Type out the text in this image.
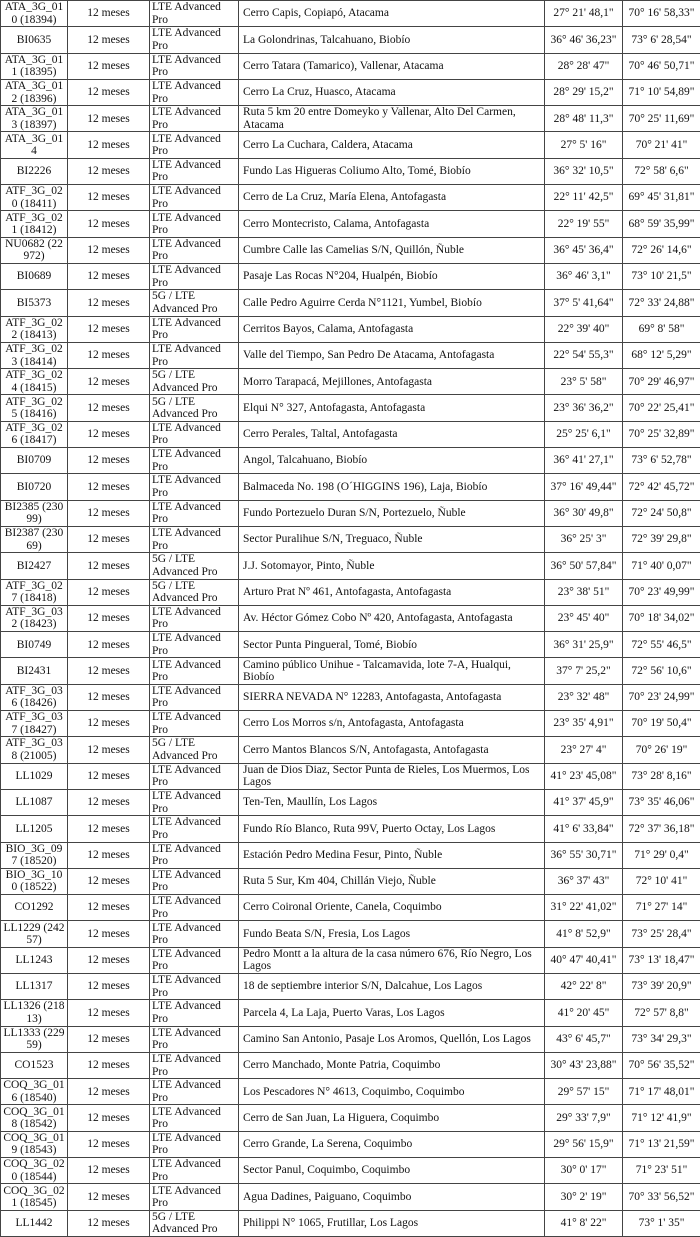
ATA_3G_010 (18394)	12 meses	LTE Advanced Pro	Cerro Capis, Copiapó, Atacama	27° 21' 48,1"	70° 16' 58,33"
BI0635	12 meses	LTE Advanced Pro	La Golondrinas, Talcahuano, Biobío	36° 46' 36,23"	73° 6' 28,54"
ATA_3G_011 (18395)	12 meses	LTE Advanced Pro	Cerro Tatara (Tamarico), Vallenar, Atacama	28° 28' 47"	70° 46' 50,71"
ATA_3G_012 (18396)	12 meses	LTE Advanced Pro	Cerro La Cruz, Huasco, Atacama	28° 29' 15,2"	71° 10' 54,89"
ATA_3G_013 (18397)	12 meses	LTE Advanced Pro	Ruta 5 km 20 entre Domeyko y Vallenar, Alto Del Carmen, Atacama	28° 48' 11,3"	70° 25' 11,69"
ATA_3G_014	12 meses	LTE Advanced Pro	Cerro La Cuchara, Caldera, Atacama	27° 5' 16"	70° 21' 41"
BI2226	12 meses	LTE Advanced Pro	Fundo Las Higueras Coliumo Alto, Tomé, Biobío	36° 32' 10,5"	72° 58' 6,6"
ATF_3G_020 (18411)	12 meses	LTE Advanced Pro	Cerro de La Cruz, María Elena, Antofagasta	22° 11' 42,5"	69° 45' 31,81"
ATF_3G_021 (18412)	12 meses	LTE Advanced Pro	Cerro Montecristo, Calama, Antofagasta	22° 19' 55"	68° 59' 35,99"
NU0682 (22972)	12 meses	LTE Advanced Pro	Cumbre Calle las Camelias S/N, Quillón, Ñuble	36° 45' 36,4"	72° 26' 14,6"
BI0689	12 meses	LTE Advanced Pro	Pasaje Las Rocas N°204, Hualpén, Biobío	36° 46' 3,1"	73° 10' 21,5"
BI5373	12 meses	5G / LTE Advanced Pro	Calle Pedro Aguirre Cerda N°1121, Yumbel, Biobío	37° 5' 41,64"	72° 33' 24,88"
ATF_3G_022 (18413)	12 meses	LTE Advanced Pro	Cerritos Bayos, Calama, Antofagasta	22° 39' 40"	69° 8' 58"
ATF_3G_023 (18414)	12 meses	LTE Advanced Pro	Valle del Tiempo, San Pedro De Atacama, Antofagasta	22° 54' 55,3"	68° 12' 5,29"
ATF_3G_024 (18415)	12 meses	5G / LTE Advanced Pro	Morro Tarapacá, Mejillones, Antofagasta	23° 5' 58"	70° 29' 46,97"
ATF_3G_025 (18416)	12 meses	5G / LTE Advanced Pro	Elqui N° 327, Antofagasta, Antofagasta	23° 36' 36,2"	70° 22' 25,41"
ATF_3G_026 (18417)	12 meses	LTE Advanced Pro	Cerro Perales, Taltal, Antofagasta	25° 25' 6,1"	70° 25' 32,89"
BI0709	12 meses	LTE Advanced Pro	Angol, Talcahuano, Biobío	36° 41' 27,1"	73° 6' 52,78"
BI0720	12 meses	LTE Advanced Pro	Balmaceda No. 198 (O´HIGGINS 196), Laja, Biobío	37° 16' 49,44"	72° 42' 45,72"
BI2385 (23099)	12 meses	LTE Advanced Pro	Fundo Portezuelo Duran S/N, Portezuelo, Ñuble	36° 30' 49,8"	72° 24' 50,8"
BI2387 (23069)	12 meses	LTE Advanced Pro	Sector Puralihue S/N, Treguaco, Ñuble	36° 25' 3"	72° 39' 29,8"
BI2427	12 meses	5G / LTE Advanced Pro	J.J. Sotomayor, Pinto, Ñuble	36° 50' 57,84"	71° 40' 0,07"
ATF_3G_027 (18418)	12 meses	5G / LTE Advanced Pro	Arturo Prat Nº 461, Antofagasta, Antofagasta	23° 38' 51"	70° 23' 49,99"
ATF_3G_032 (18423)	12 meses	LTE Advanced Pro	Av. Héctor Gómez Cobo Nº 420, Antofagasta, Antofagasta	23° 45' 40"	70° 18' 34,02"
BI0749	12 meses	LTE Advanced Pro	Sector Punta Pingueral, Tomé, Biobío	36° 31' 25,9"	72° 55' 46,5"
BI2431	12 meses	LTE Advanced Pro	Camino público Unihue - Talcamavida, lote 7-A, Hualqui, Biobío	37° 7' 25,2"	72° 56' 10,6"
ATF_3G_036 (18426)	12 meses	LTE Advanced Pro	SIERRA NEVADA N° 12283, Antofagasta, Antofagasta	23° 32' 48"	70° 23' 24,99"
ATF_3G_037 (18427)	12 meses	LTE Advanced Pro	Cerro Los Morros s/n, Antofagasta, Antofagasta	23° 35' 4,91"	70° 19' 50,4"
ATF_3G_038 (21005)	12 meses	5G / LTE Advanced Pro	Cerro Mantos Blancos S/N, Antofagasta, Antofagasta	23° 27' 4"	70° 26' 19"
LL1029	12 meses	LTE Advanced Pro	Juan de Dios Diaz, Sector Punta de Rieles, Los Muermos, Los Lagos	41° 23' 45,08"	73° 28' 8,16"
LL1087	12 meses	LTE Advanced Pro	Ten-Ten, Maullín, Los Lagos	41° 37' 45,9"	73° 35' 46,06"
LL1205	12 meses	LTE Advanced Pro	Fundo Río Blanco, Ruta 99V, Puerto Octay, Los Lagos	41° 6' 33,84"	72° 37' 36,18"
BIO_3G_097 (18520)	12 meses	LTE Advanced Pro	Estación Pedro Medina Fesur, Pinto, Ñuble	36° 55' 30,71"	71° 29' 0,4"
BIO_3G_100 (18522)	12 meses	LTE Advanced Pro	Ruta 5 Sur, Km 404, Chillán Viejo, Ñuble	36° 37' 43"	72° 10' 41"
CO1292	12 meses	LTE Advanced Pro	Cerro Coironal Oriente, Canela, Coquimbo	31° 22' 41,02"	71° 27' 14"
LL1229 (24257)	12 meses	LTE Advanced Pro	Fundo Beata S/N, Fresia, Los Lagos	41° 8' 52,9"	73° 25' 28,4"
LL1243	12 meses	LTE Advanced Pro	Pedro Montt a la altura de la casa número 676, Río Negro, Los Lagos	40° 47' 40,41"	73° 13' 18,47"
LL1317	12 meses	LTE Advanced Pro	18 de septiembre interior S/N, Dalcahue, Los Lagos	42° 22' 8"	73° 39' 20,9"
LL1326 (21813)	12 meses	LTE Advanced Pro	Parcela 4, La Laja, Puerto Varas, Los Lagos	41° 20' 45"	72° 57' 8,8"
LL1333 (22959)	12 meses	LTE Advanced Pro	Camino San Antonio, Pasaje Los Aromos, Quellón, Los Lagos	43° 6' 45,7"	73° 34' 29,3"
CO1523	12 meses	LTE Advanced Pro	Cerro Manchado, Monte Patria, Coquimbo	30° 43' 23,88"	70° 56' 35,52"
COQ_3G_016 (18540)	12 meses	LTE Advanced Pro	Los Pescadores N° 4613, Coquimbo, Coquimbo	29° 57' 15"	71° 17' 48,01"
COQ_3G_018 (18542)	12 meses	LTE Advanced Pro	Cerro de San Juan, La Higuera, Coquimbo	29° 33' 7,9"	71° 12' 41,9"
COQ_3G_019 (18543)	12 meses	LTE Advanced Pro	Cerro Grande, La Serena, Coquimbo	29° 56' 15,9"	71° 13' 21,59"
COQ_3G_020 (18544)	12 meses	LTE Advanced Pro	Sector Panul, Coquimbo, Coquimbo	30° 0' 17"	71° 23' 51"
COQ_3G_021 (18545)	12 meses	LTE Advanced Pro	Agua Dadines, Paiguano, Coquimbo	30° 2' 19"	70° 33' 56,52"
LL1442	12 meses	5G / LTE Advanced Pro	Philippi N° 1065, Frutillar, Los Lagos	41° 8' 22"	73° 1' 35"
